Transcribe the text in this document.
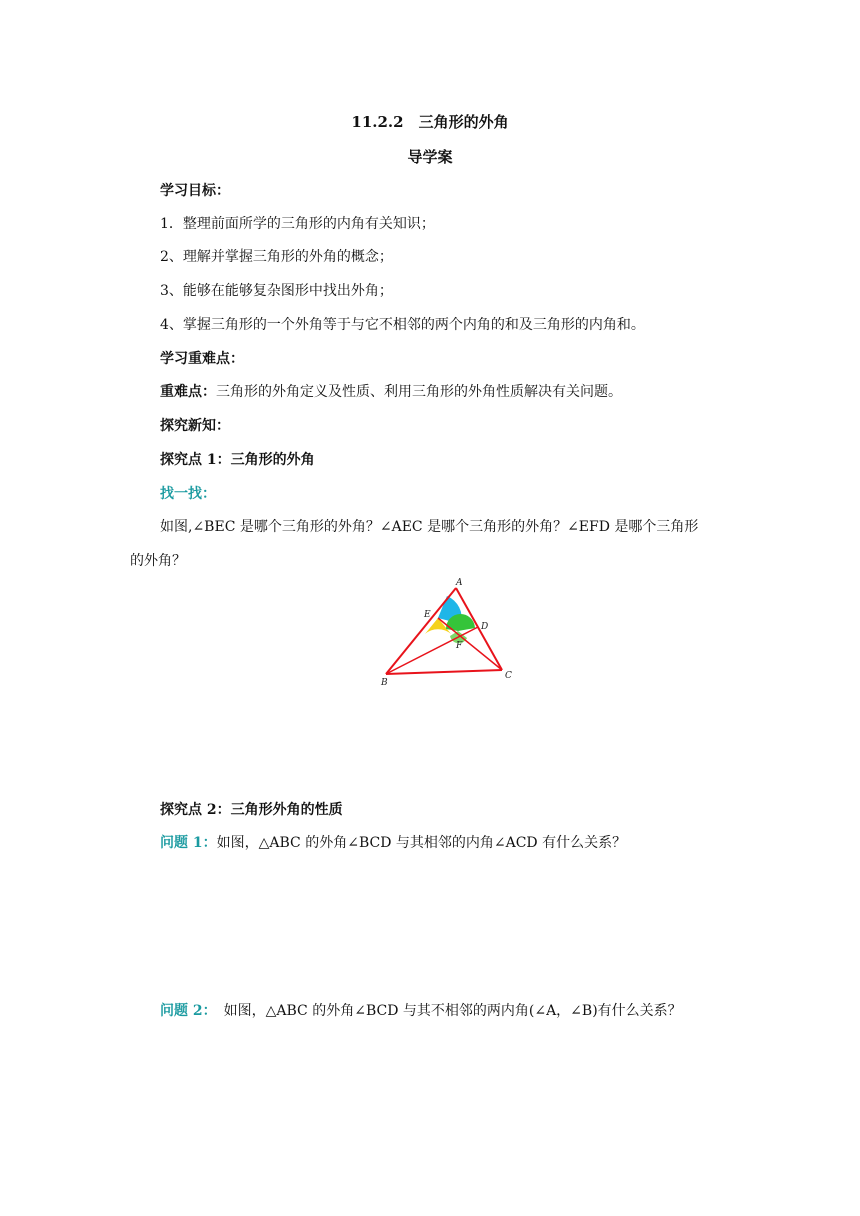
11.2.2　三角形的外角
导学案
学习目标：
1．整理前面所学的三角形的内角有关知识；
2、理解并掌握三角形的外角的概念；
3、能够在能够复杂图形中找出外角；
4、掌握三角形的一个外角等于与它不相邻的两个内角的和及三角形的内角和。
学习重难点：
重难点：三角形的外角定义及性质、利用三角形的外角性质解决有关问题。
探究新知：
探究点 1：三角形的外角
找一找：
如图,∠BEC 是哪个三角形的外角？∠AEC 是哪个三角形的外角？∠EFD 是哪个三角形
的外角？
A
B
C
D
E
F
探究点 2：三角形外角的性质
问题 1：如图，△ABC 的外角∠BCD 与其相邻的内角∠ACD 有什么关系？
问题 2：　如图，△ABC 的外角∠BCD 与其不相邻的两内角(∠A，∠B)有什么关系？
